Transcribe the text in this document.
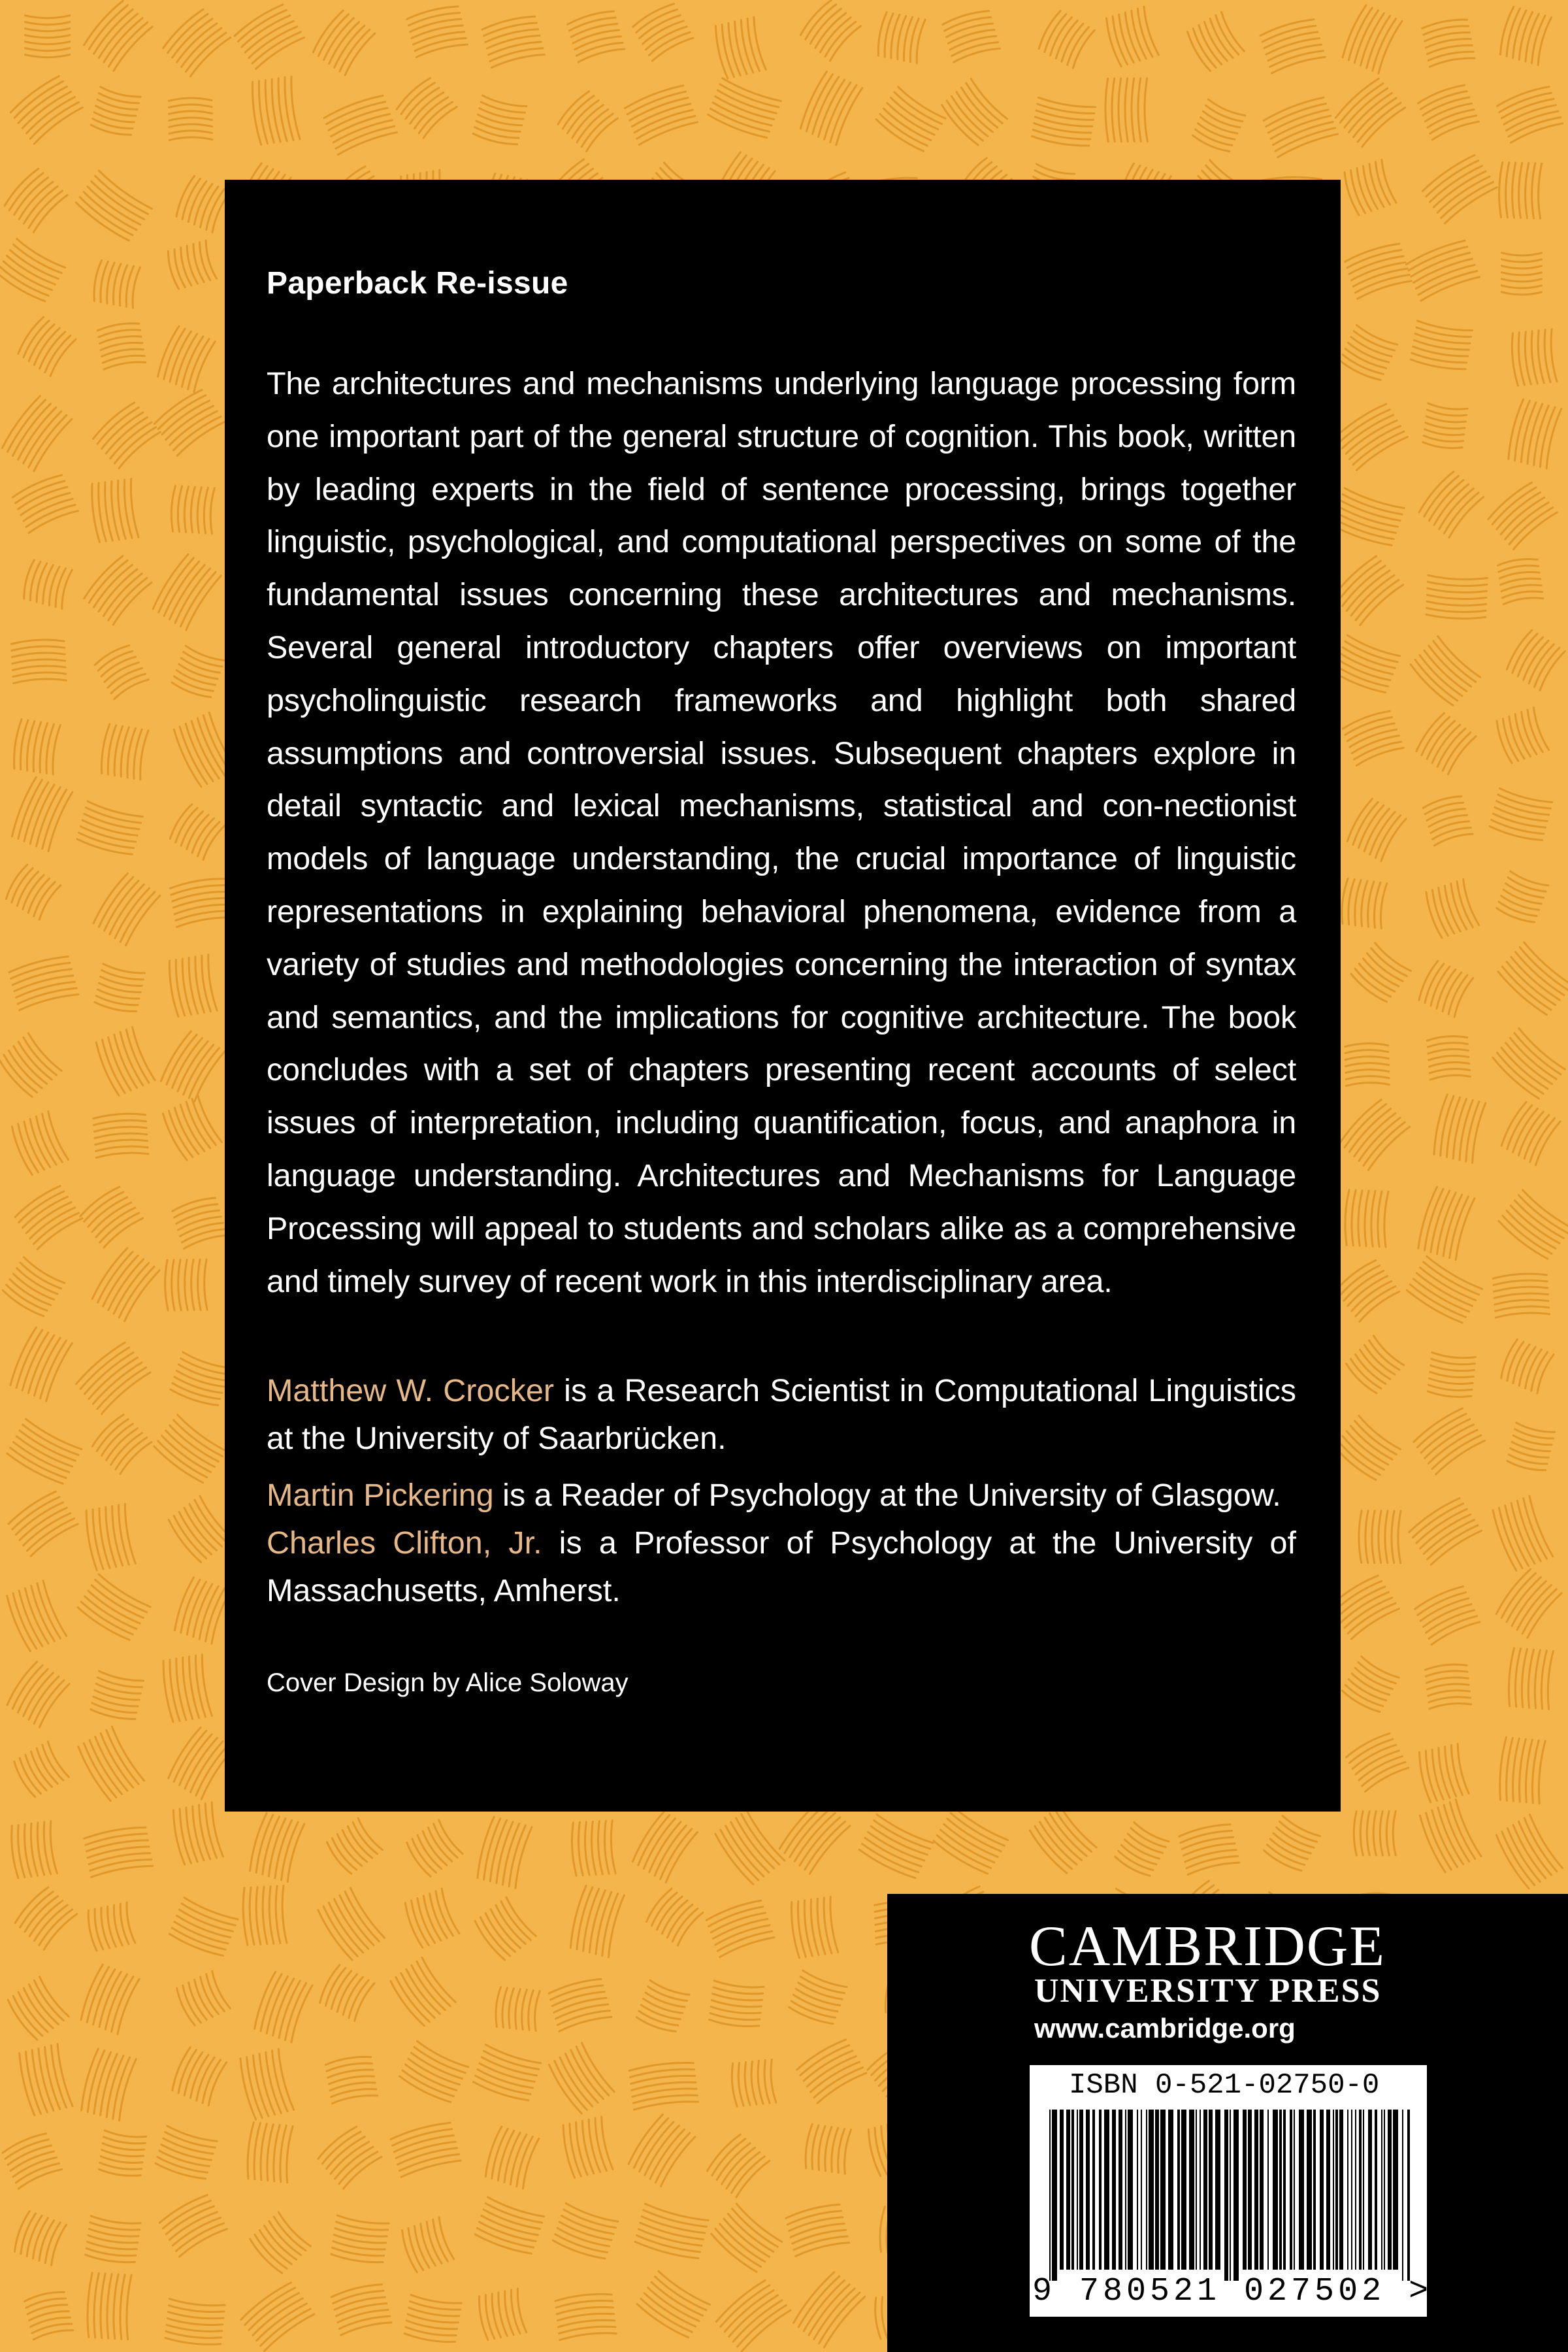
Paperback Re-issue

The architectures and mechanisms underlying language processing form one important part of the general structure of cognition. This book, written by leading experts in the field of sentence processing, brings together linguistic, psychological, and computational perspectives on some of the fundamental issues concerning these architectures and mechanisms. Several general introductory chapters offer overviews on important psycholinguistic research frameworks and highlight both shared assumptions and controversial issues. Subsequent chapters explore in detail syntactic and lexical mechanisms, statistical and con-nectionist models of language understanding, the crucial importance of linguistic representations in explaining behavioral phenomena, evidence from a variety of studies and methodologies concerning the interaction of syntax and semantics, and the implications for cognitive architecture. The book concludes with a set of chapters presenting recent accounts of select issues of interpretation, including quantification, focus, and anaphora in language understanding. Architectures and Mechanisms for Language Processing will appeal to students and scholars alike as a comprehensive and timely survey of recent work in this interdisciplinary area.

Matthew W. Crocker is a Research Scientist in Computational Linguistics at the University of Saarbrücken.

Martin Pickering is a Reader of Psychology at the University of Glasgow.

Charles Clifton, Jr. is a Professor of Psychology at the University of Massachusetts, Amherst.

Cover Design by Alice Soloway

CAMBRIDGE
UNIVERSITY PRESS
www.cambridge.org
ISBN 0-521-02750-0
9 780521 027502 >
